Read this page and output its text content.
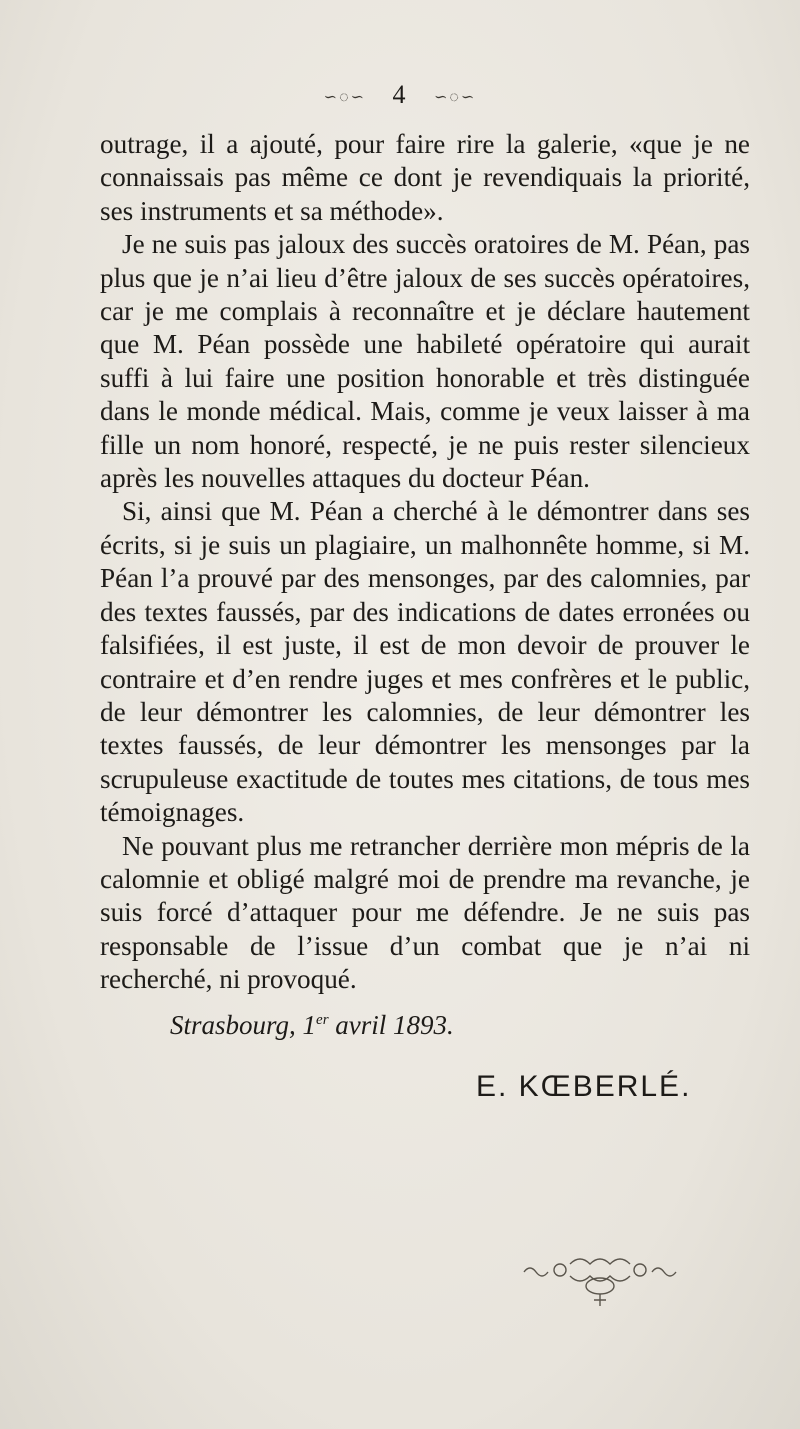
∽◌∽ 4 ∽◌∽

outrage, il a ajouté, pour faire rire la galerie, «que je ne connaissais pas même ce dont je revendiquais la priorité, ses instruments et sa méthode».

Je ne suis pas jaloux des succès oratoires de M. Péan, pas plus que je n’ai lieu d’être jaloux de ses succès opératoires, car je me complais à reconnaître et je déclare hautement que M. Péan possède une habileté opératoire qui aurait suffi à lui faire une position honorable et très distinguée dans le monde médical. Mais, comme je veux laisser à ma fille un nom honoré, respecté, je ne puis rester silencieux après les nouvelles attaques du docteur Péan.

Si, ainsi que M. Péan a cherché à le démontrer dans ses écrits, si je suis un plagiaire, un malhonnête homme, si M. Péan l’a prouvé par des mensonges, par des calomnies, par des textes faussés, par des indications de dates erronées ou falsifiées, il est juste, il est de mon devoir de prouver le contraire et d’en rendre juges et mes confrères et le public, de leur démontrer les calomnies, de leur démontrer les textes faussés, de leur démontrer les mensonges par la scrupuleuse exactitude de toutes mes citations, de tous mes témoignages.

Ne pouvant plus me retrancher derrière mon mépris de la calomnie et obligé malgré moi de prendre ma revanche, je suis forcé d’attaquer pour me défendre. Je ne suis pas responsable de l’issue d’un combat que je n’ai ni recherché, ni provoqué.

Strasbourg, 1er avril 1893.
E. KŒBERLÉ.
